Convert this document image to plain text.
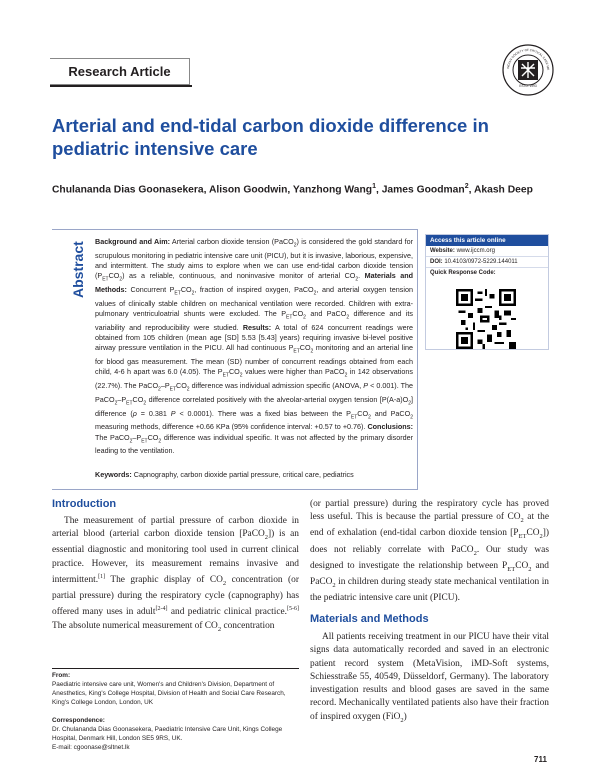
Research Article
ESTD. 1993
INDIAN SOCIETY OF CRITICAL CARE ME
Arterial and end-tidal carbon dioxide difference in pediatric intensive care
Chulananda Dias Goonasekera, Alison Goodwin, Yanzhong Wang$^1$, James Goodman$^2$, Akash Deep
Abstract Background and Aim: Arterial carbon dioxide tension (PaCO$_2$) is considered the gold standard for scrupulous monitoring in pediatric intensive care unit (PICU), but it is invasive, laborious, expensive, and intermittent. The study aims to explore when we can use end-tidal carbon dioxide tension $(P_{ET}CO_2)$ as a reliable, continuous, and noninvasive monitor of arterial $CO_2$. Materials and Methods: Concurrent $P_{ET}CO_2$, fraction of inspired oxygen, PaCO$_2$, and arterial oxygen tension values of clinically stable children on mechanical ventilation were recorded. Children with extra-pulmonary ventriculoatrial shunts were excluded. The $P_{ET}CO_2$ and PaCO$_2$ difference and its variability and reproducibility were studied. Results: A total of 624 concurrent readings were obtained from 105 children (mean age [SD] 5.53 [5.43] years) requiring invasive bi-level positive airway pressure ventilation in the PICU. All had continuous $P_{ET}CO_2$ monitoring and an arterial line for blood gas measurement. The mean (SD) number of concurrent readings obtained from each child, 4-6 h apart was 6.0 (4.05). The $P_{ET}CO_2$ values were higher than PaCO$_2$ in 142 observations (22.7%). The $PaCO_2-P_{ET}CO_2$ difference was individual admission specific (ANOVA, P < 0.001). The $PaCO_2-P_{ET}CO_2$ difference correlated positively with the alveolar-arterial oxygen tension $[P(A-a)O_2]$ difference (ρ = 0.381 P < 0.0001). There was a fixed bias between the $P_{ET}CO_2$ and PaCO$_2$ measuring methods, difference +0.66 KPa (95% confidence interval: +0.57 to +0.76). Conclusions: The $PaCO_2-P_{ET}CO_2$ difference was individual specific. It was not affected by the primary disorder leading to the ventilation.
Keywords: Capnography, carbon dioxide partial pressure, critical care, pediatrics
Access this article online
Website: www.ijccm.org
DOI: 10.4103/0972-5229.144011
Quick Response Code:
Introduction
The measurement of partial pressure of carbon dioxide in arterial blood (arterial carbon dioxide tension [PaCO$_2$]) is an essential diagnostic and monitoring tool used in current clinical practice. However, its measurement remains invasive and intermittent.[1] The graphic display of $CO_2$ concentration (or partial pressure) during the respiratory cycle (capnography) has offered many uses in adult[2-4] and pediatric clinical practice.[5-6] The absolute numerical measurement of $CO_2$ concentration
(or partial pressure) during the respiratory cycle has proved less useful. This is because the partial pressure of $CO_2$ at the end of exhalation (end-tidal carbon dioxide tension $[P_{ET}CO_2]$) does not reliably correlate with PaCO$_2$. Our study was designed to investigate the relationship between $P_{ET}CO_2$ and PaCO$_2$ in children during steady state mechanical ventilation in the pediatric intensive care unit (PICU).
Materials and Methods
All patients receiving treatment in our PICU have their vital signs data automatically recorded and saved in an electronic patient record system (MetaVision, iMD-Soft systems, Schiesstraße 55, 40549, Düsseldorf, Germany). The laboratory investigation results and blood gases are saved in the same record. Mechanically ventilated patients also have their fraction of inspired oxygen (FiO$_2$)
From:
Paediatric intensive care unit, Women's and Children's Division, Department of Anesthetics, King's College Hospital, Division of Health and Social Care Research, King's College London, London, UK

Correspondence:
Dr. Chulananda Dias Goonasekera, Paediatric Intensive Care Unit, Kings College Hospital, Denmark Hill, London SE5 9RS, UK.
E-mail: cgoonase@sltnet.lk
711
